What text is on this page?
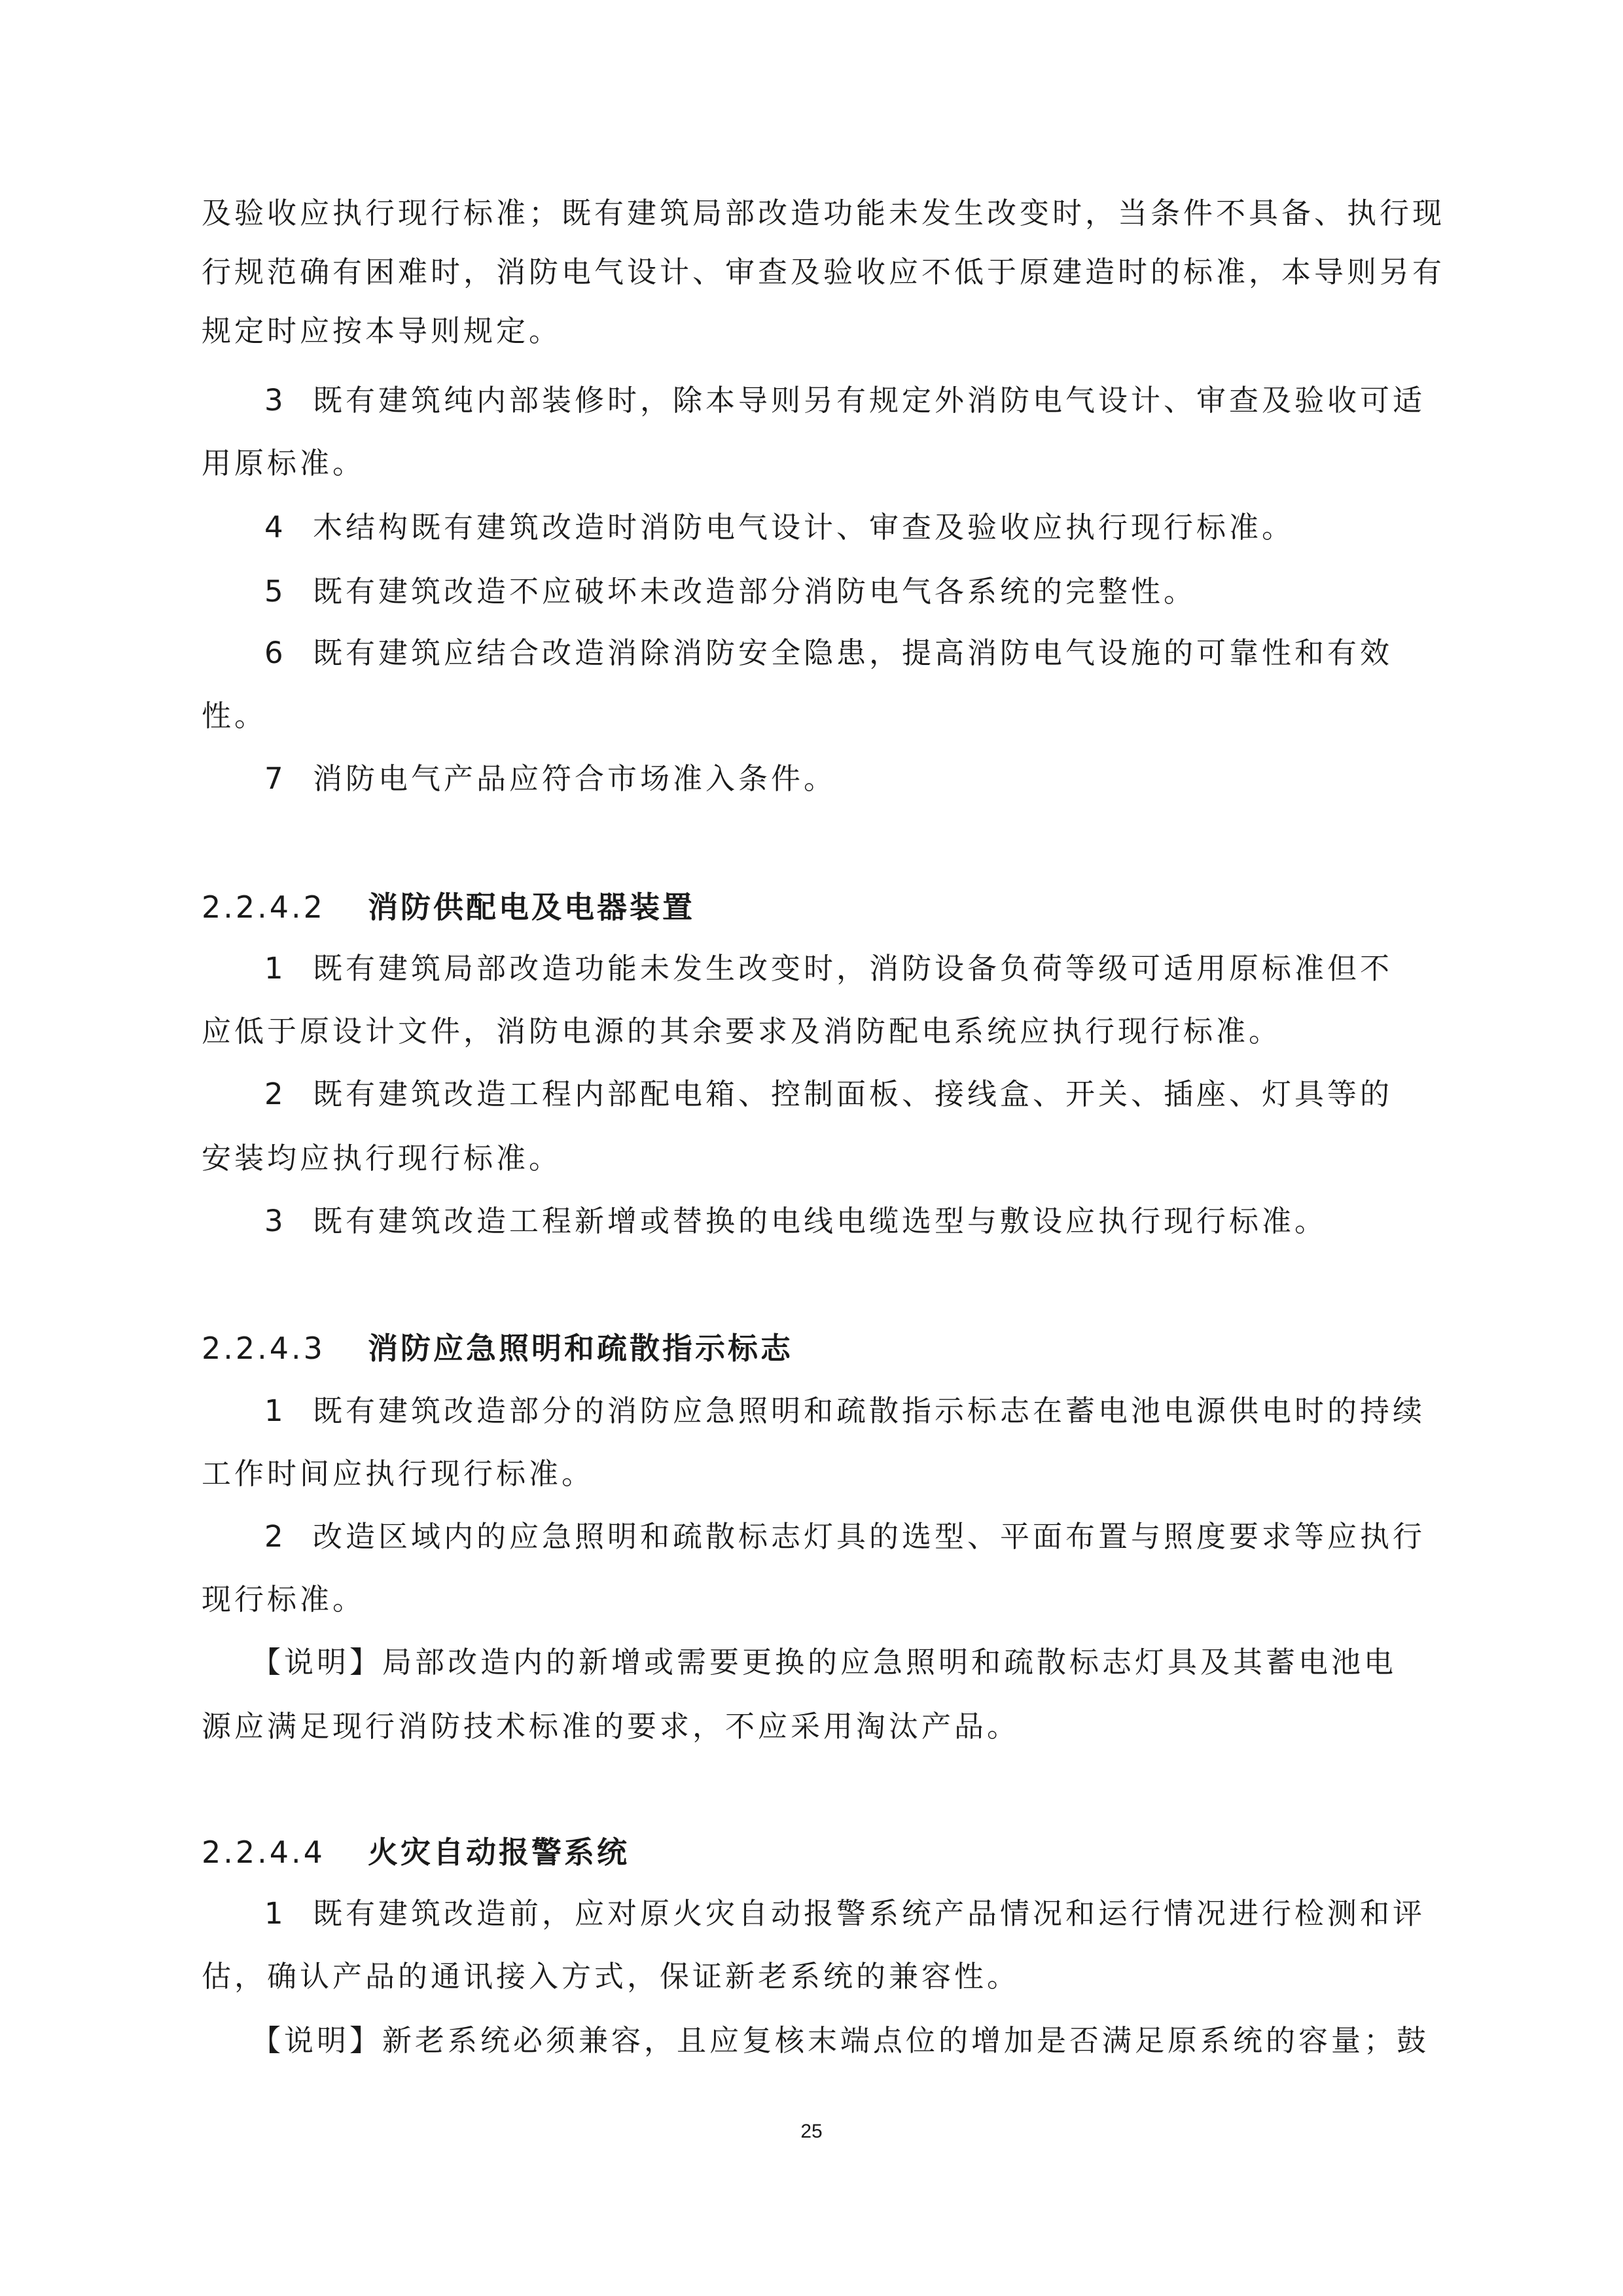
及验收应执行现行标准；既有建筑局部改造功能未发生改变时，当条件不具备、执行现
行规范确有困难时，消防电气设计、审查及验收应不低于原建造时的标准，本导则另有
规定时应按本导则规定。
3 既有建筑纯内部装修时，除本导则另有规定外消防电气设计、审查及验收可适
用原标准。
4 木结构既有建筑改造时消防电气设计、审查及验收应执行现行标准。
5 既有建筑改造不应破坏未改造部分消防电气各系统的完整性。
6 既有建筑应结合改造消除消防安全隐患，提高消防电气设施的可靠性和有效
性。
7 消防电气产品应符合市场准入条件。
2.2.4.2 消防供配电及电器装置
1 既有建筑局部改造功能未发生改变时，消防设备负荷等级可适用原标准但不
应低于原设计文件，消防电源的其余要求及消防配电系统应执行现行标准。
2 既有建筑改造工程内部配电箱、控制面板、接线盒、开关、插座、灯具等的
安装均应执行现行标准。
3 既有建筑改造工程新增或替换的电线电缆选型与敷设应执行现行标准。
2.2.4.3 消防应急照明和疏散指示标志
1 既有建筑改造部分的消防应急照明和疏散指示标志在蓄电池电源供电时的持续
工作时间应执行现行标准。
2 改造区域内的应急照明和疏散标志灯具的选型、平面布置与照度要求等应执行
现行标准。
【说明】局部改造内的新增或需要更换的应急照明和疏散标志灯具及其蓄电池电
源应满足现行消防技术标准的要求，不应采用淘汰产品。
2.2.4.4 火灾自动报警系统
1 既有建筑改造前，应对原火灾自动报警系统产品情况和运行情况进行检测和评
估，确认产品的通讯接入方式，保证新老系统的兼容性。
【说明】新老系统必须兼容，且应复核末端点位的增加是否满足原系统的容量；鼓
25
